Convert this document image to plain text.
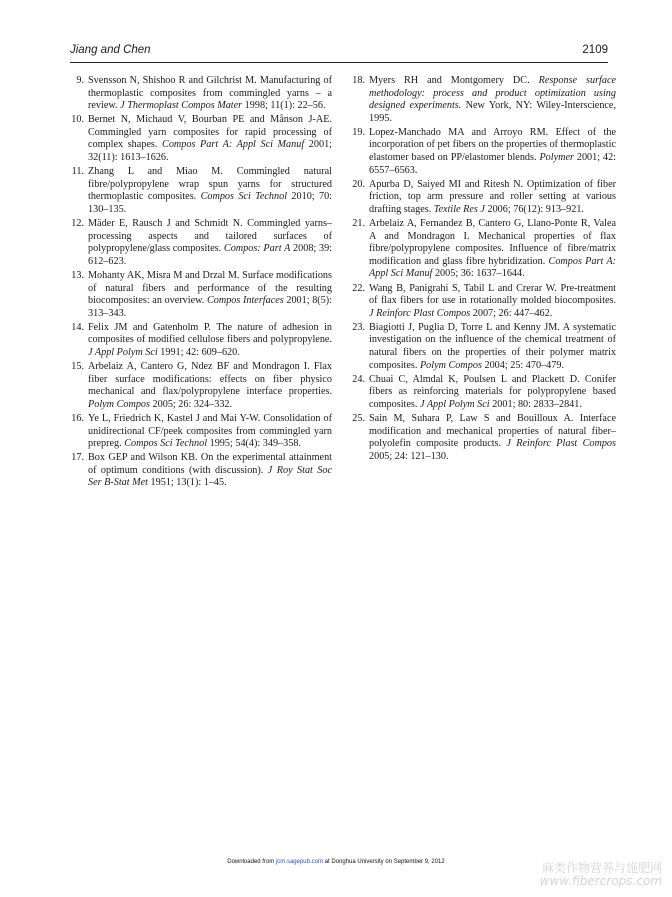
Jiang and Chen	2109

9. Svensson N, Shishoo R and Gilchrist M. Manufacturing of thermoplastic composites from commingled yarns – a review. J Thermoplast Compos Mater 1998; 11(1): 22–56.

10. Bernet N, Michaud V, Bourban PE and Månson J-AE. Commingled yarn composites for rapid processing of complex shapes. Compos Part A: Appl Sci Manuf 2001; 32(11): 1613–1626.

11. Zhang L and Miao M. Commingled natural fibre/polypropylene wrap spun yarns for structured thermoplastic composites. Compos Sci Technol 2010; 70: 130–135.

12. Mäder E, Rausch J and Schmidt N. Commingled yarns–processing aspects and tailored surfaces of polypropylene/glass composites. Compos: Part A 2008; 39: 612–623.

13. Mohanty AK, Misra M and Drzal M. Surface modifications of natural fibers and performance of the resulting biocomposites: an overview. Compos Interfaces 2001; 8(5): 313–343.

14. Felix JM and Gatenholm P. The nature of adhesion in composites of modified cellulose fibers and polypropylene. J Appl Polym Sci 1991; 42: 609–620.

15. Arbelaiz A, Cantero G, Ndez BF and Mondragon I. Flax fiber surface modifications: effects on fiber physico mechanical and flax/polypropylene interface properties. Polym Compos 2005; 26: 324–332.

16. Ye L, Friedrich K, Kastel J and Mai Y-W. Consolidation of unidirectional CF/peek composites from commingled yarn prepreg. Compos Sci Technol 1995; 54(4): 349–358.

17. Box GEP and Wilson KB. On the experimental attainment of optimum conditions (with discussion). J Roy Stat Soc Ser B-Stat Met 1951; 13(1): 1–45.

18. Myers RH and Montgomery DC. Response surface methodology: process and product optimization using designed experiments. New York, NY: Wiley-Interscience, 1995.

19. Lopez-Manchado MA and Arroyo RM. Effect of the incorporation of pet fibers on the properties of thermoplastic elastomer based on PP/elastomer blends. Polymer 2001; 42: 6557–6563.

20. Apurba D, Saiyed MI and Ritesh N. Optimization of fiber friction, top arm pressure and roller setting at various drafting stages. Textile Res J 2006; 76(12): 913–921.

21. Arbelaiz A, Fernandez B, Cantero G, Llano-Ponte R, Valea A and Mondragon I. Mechanical properties of flax fibre/polypropylene composites. Influence of fibre/matrix modification and glass fibre hybridization. Compos Part A: Appl Sci Manuf 2005; 36: 1637–1644.

22. Wang B, Panigrahi S, Tabil L and Crerar W. Pre-treatment of flax fibers for use in rotationally molded biocomposites. J Reinforc Plast Compos 2007; 26: 447–462.

23. Biagiotti J, Puglia D, Torre L and Kenny JM. A systematic investigation on the influence of the chemical treatment of natural fibers on the properties of their polymer matrix composites. Polym Compos 2004; 25: 470–479.

24. Chuai C, Almdal K, Poulsen L and Plackett D. Conifer fibers as reinforcing materials for polypropylene based composites. J Appl Polym Sci 2001; 80: 2833–2841.

25. Sain M, Suhara P, Law S and Bouilloux A. Interface modification and mechanical properties of natural fiber–polyolefin composite products. J Reinforc Plast Compos 2005; 24: 121–130.

Downloaded from jcm.sagepub.com at Donghua University on September 9, 2012	麻类作物营养与施肥网
www.fibercrops.com
